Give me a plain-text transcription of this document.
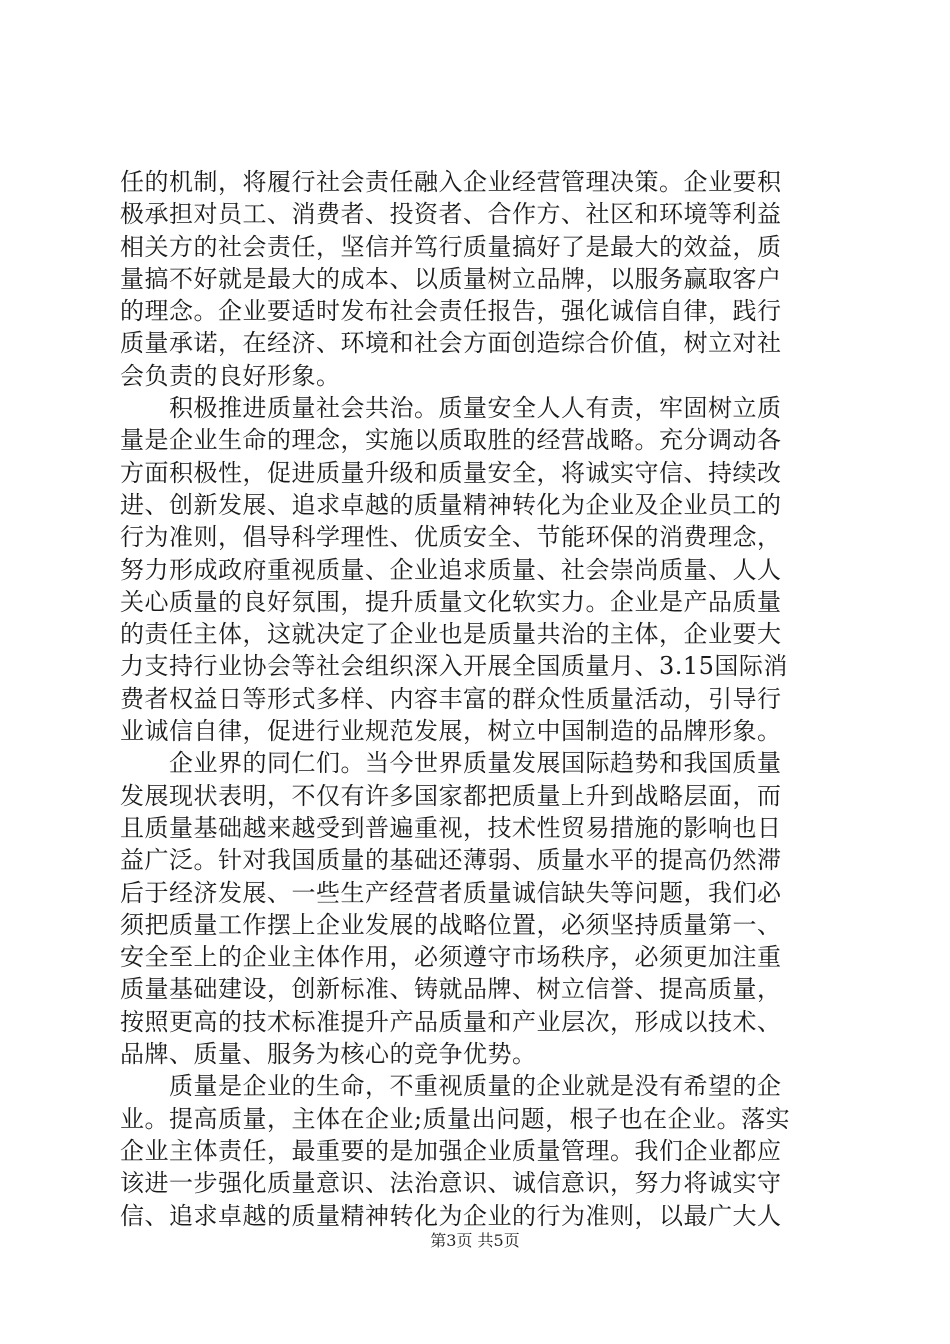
任的机制，将履行社会责任融入企业经营管理决策。企业要积
极承担对员工、消费者、投资者、合作方、社区和环境等利益
相关方的社会责任，坚信并笃行质量搞好了是最大的效益，质
量搞不好就是最大的成本、以质量树立品牌，以服务赢取客户
的理念。企业要适时发布社会责任报告，强化诚信自律，践行
质量承诺，在经济、环境和社会方面创造综合价值，树立对社
会负责的良好形象。
　　积极推进质量社会共治。质量安全人人有责，牢固树立质
量是企业生命的理念，实施以质取胜的经营战略。充分调动各
方面积极性，促进质量升级和质量安全，将诚实守信、持续改
进、创新发展、追求卓越的质量精神转化为企业及企业员工的
行为准则，倡导科学理性、优质安全、节能环保的消费理念，
努力形成政府重视质量、企业追求质量、社会崇尚质量、人人
关心质量的良好氛围，提升质量文化软实力。企业是产品质量
的责任主体，这就决定了企业也是质量共治的主体，企业要大
力支持行业协会等社会组织深入开展全国质量月、3.15国际消
费者权益日等形式多样、内容丰富的群众性质量活动，引导行
业诚信自律，促进行业规范发展，树立中国制造的品牌形象。
　　企业界的同仁们。当今世界质量发展国际趋势和我国质量
发展现状表明，不仅有许多国家都把质量上升到战略层面，而
且质量基础越来越受到普遍重视，技术性贸易措施的影响也日
益广泛。针对我国质量的基础还薄弱、质量水平的提高仍然滞
后于经济发展、一些生产经营者质量诚信缺失等问题，我们必
须把质量工作摆上企业发展的战略位置，必须坚持质量第一、
安全至上的企业主体作用，必须遵守市场秩序，必须更加注重
质量基础建设，创新标准、铸就品牌、树立信誉、提高质量，
按照更高的技术标准提升产品质量和产业层次，形成以技术、
品牌、质量、服务为核心的竞争优势。
　　质量是企业的生命，不重视质量的企业就是没有希望的企
业。提高质量，主体在企业;质量出问题，根子也在企业。落实
企业主体责任，最重要的是加强企业质量管理。我们企业都应
该进一步强化质量意识、法治意识、诚信意识，努力将诚实守
信、追求卓越的质量精神转化为企业的行为准则，以最广大人
第3页 共5页
